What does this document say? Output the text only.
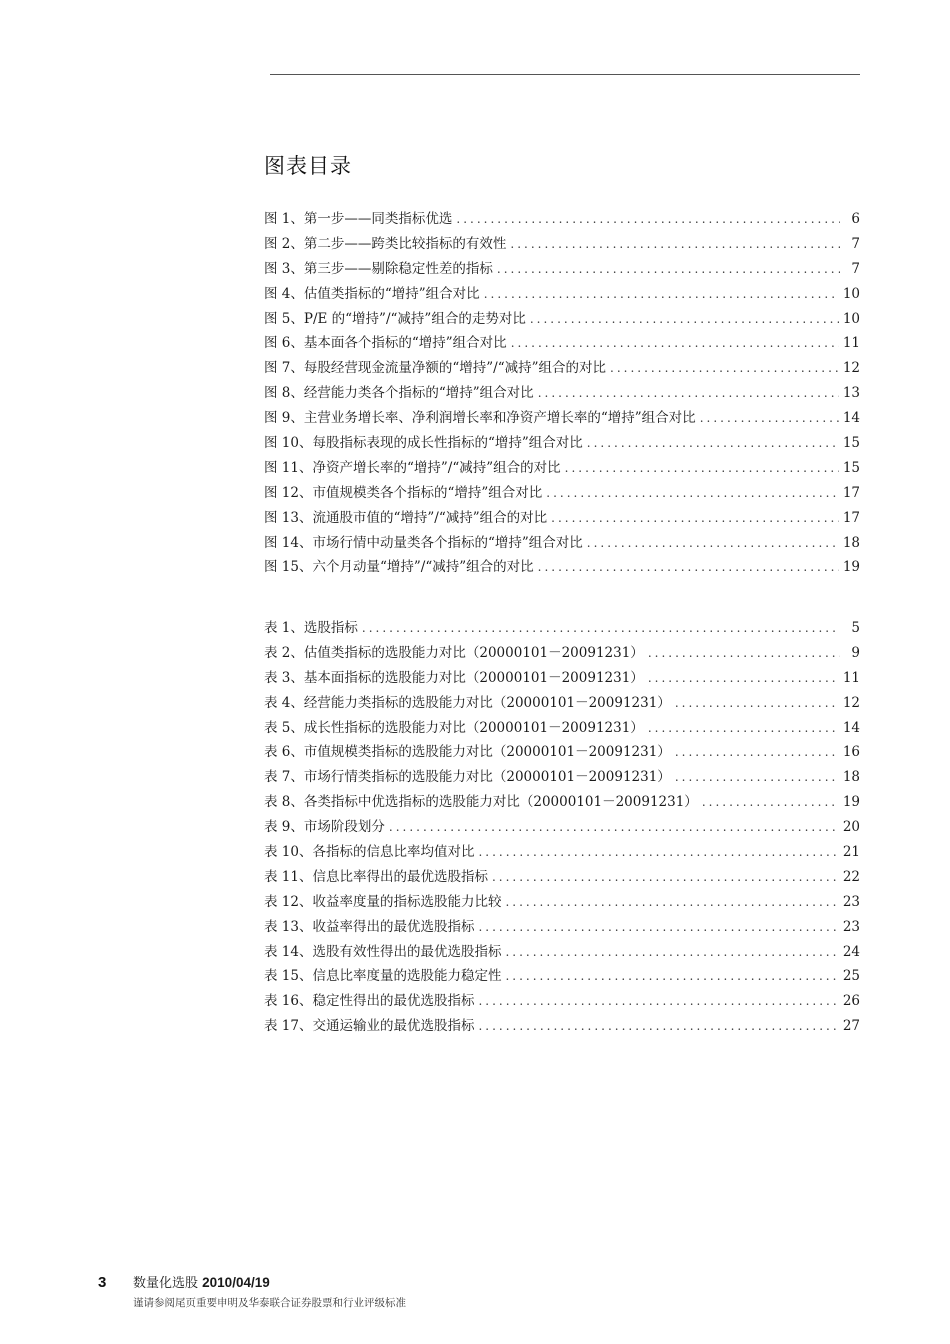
图表目录
图 1、第一步——同类指标优选 .....	6
图 2、第二步——跨类比较指标的有效性 .....	7
图 3、第三步——剔除稳定性差的指标 .....	7
图 4、估值类指标的“增持”组合对比 .....	10
图 5、P/E 的“增持”/“减持”组合的走势对比 .....	10
图 6、基本面各个指标的“增持”组合对比 .....	11
图 7、每股经营现金流量净额的“增持”/“减持”组合的对比 .....	12
图 8、经营能力类各个指标的“增持”组合对比 .....	13
图 9、主营业务增长率、净利润增长率和净资产增长率的“增持”组合对比 .....	14
图 10、每股指标表现的成长性指标的“增持”组合对比 .....	15
图 11、净资产增长率的“增持”/“减持”组合的对比 .....	15
图 12、市值规模类各个指标的“增持”组合对比 .....	17
图 13、流通股市值的“增持”/“减持”组合的对比 .....	17
图 14、市场行情中动量类各个指标的“增持”组合对比 .....	18
图 15、六个月动量“增持”/“减持”组合的对比 .....	19
表 1、选股指标 .....	5
表 2、估值类指标的选股能力对比（20000101－20091231） .....	9
表 3、基本面指标的选股能力对比（20000101－20091231） .....	11
表 4、经营能力类指标的选股能力对比（20000101－20091231） .....	12
表 5、成长性指标的选股能力对比（20000101－20091231） .....	14
表 6、市值规模类指标的选股能力对比（20000101－20091231） .....	16
表 7、市场行情类指标的选股能力对比（20000101－20091231） .....	18
表 8、各类指标中优选指标的选股能力对比（20000101－20091231） .....	19
表 9、市场阶段划分 .....	20
表 10、各指标的信息比率均值对比 .....	21
表 11、信息比率得出的最优选股指标 .....	22
表 12、收益率度量的指标选股能力比较 .....	23
表 13、收益率得出的最优选股指标 .....	23
表 14、选股有效性得出的最优选股指标 .....	24
表 15、信息比率度量的选股能力稳定性 .....	25
表 16、稳定性得出的最优选股指标 .....	26
表 17、交通运输业的最优选股指标 .....	27
3 数量化选股 2010/04/19
谨请参阅尾页重要申明及华泰联合证券股票和行业评级标准
